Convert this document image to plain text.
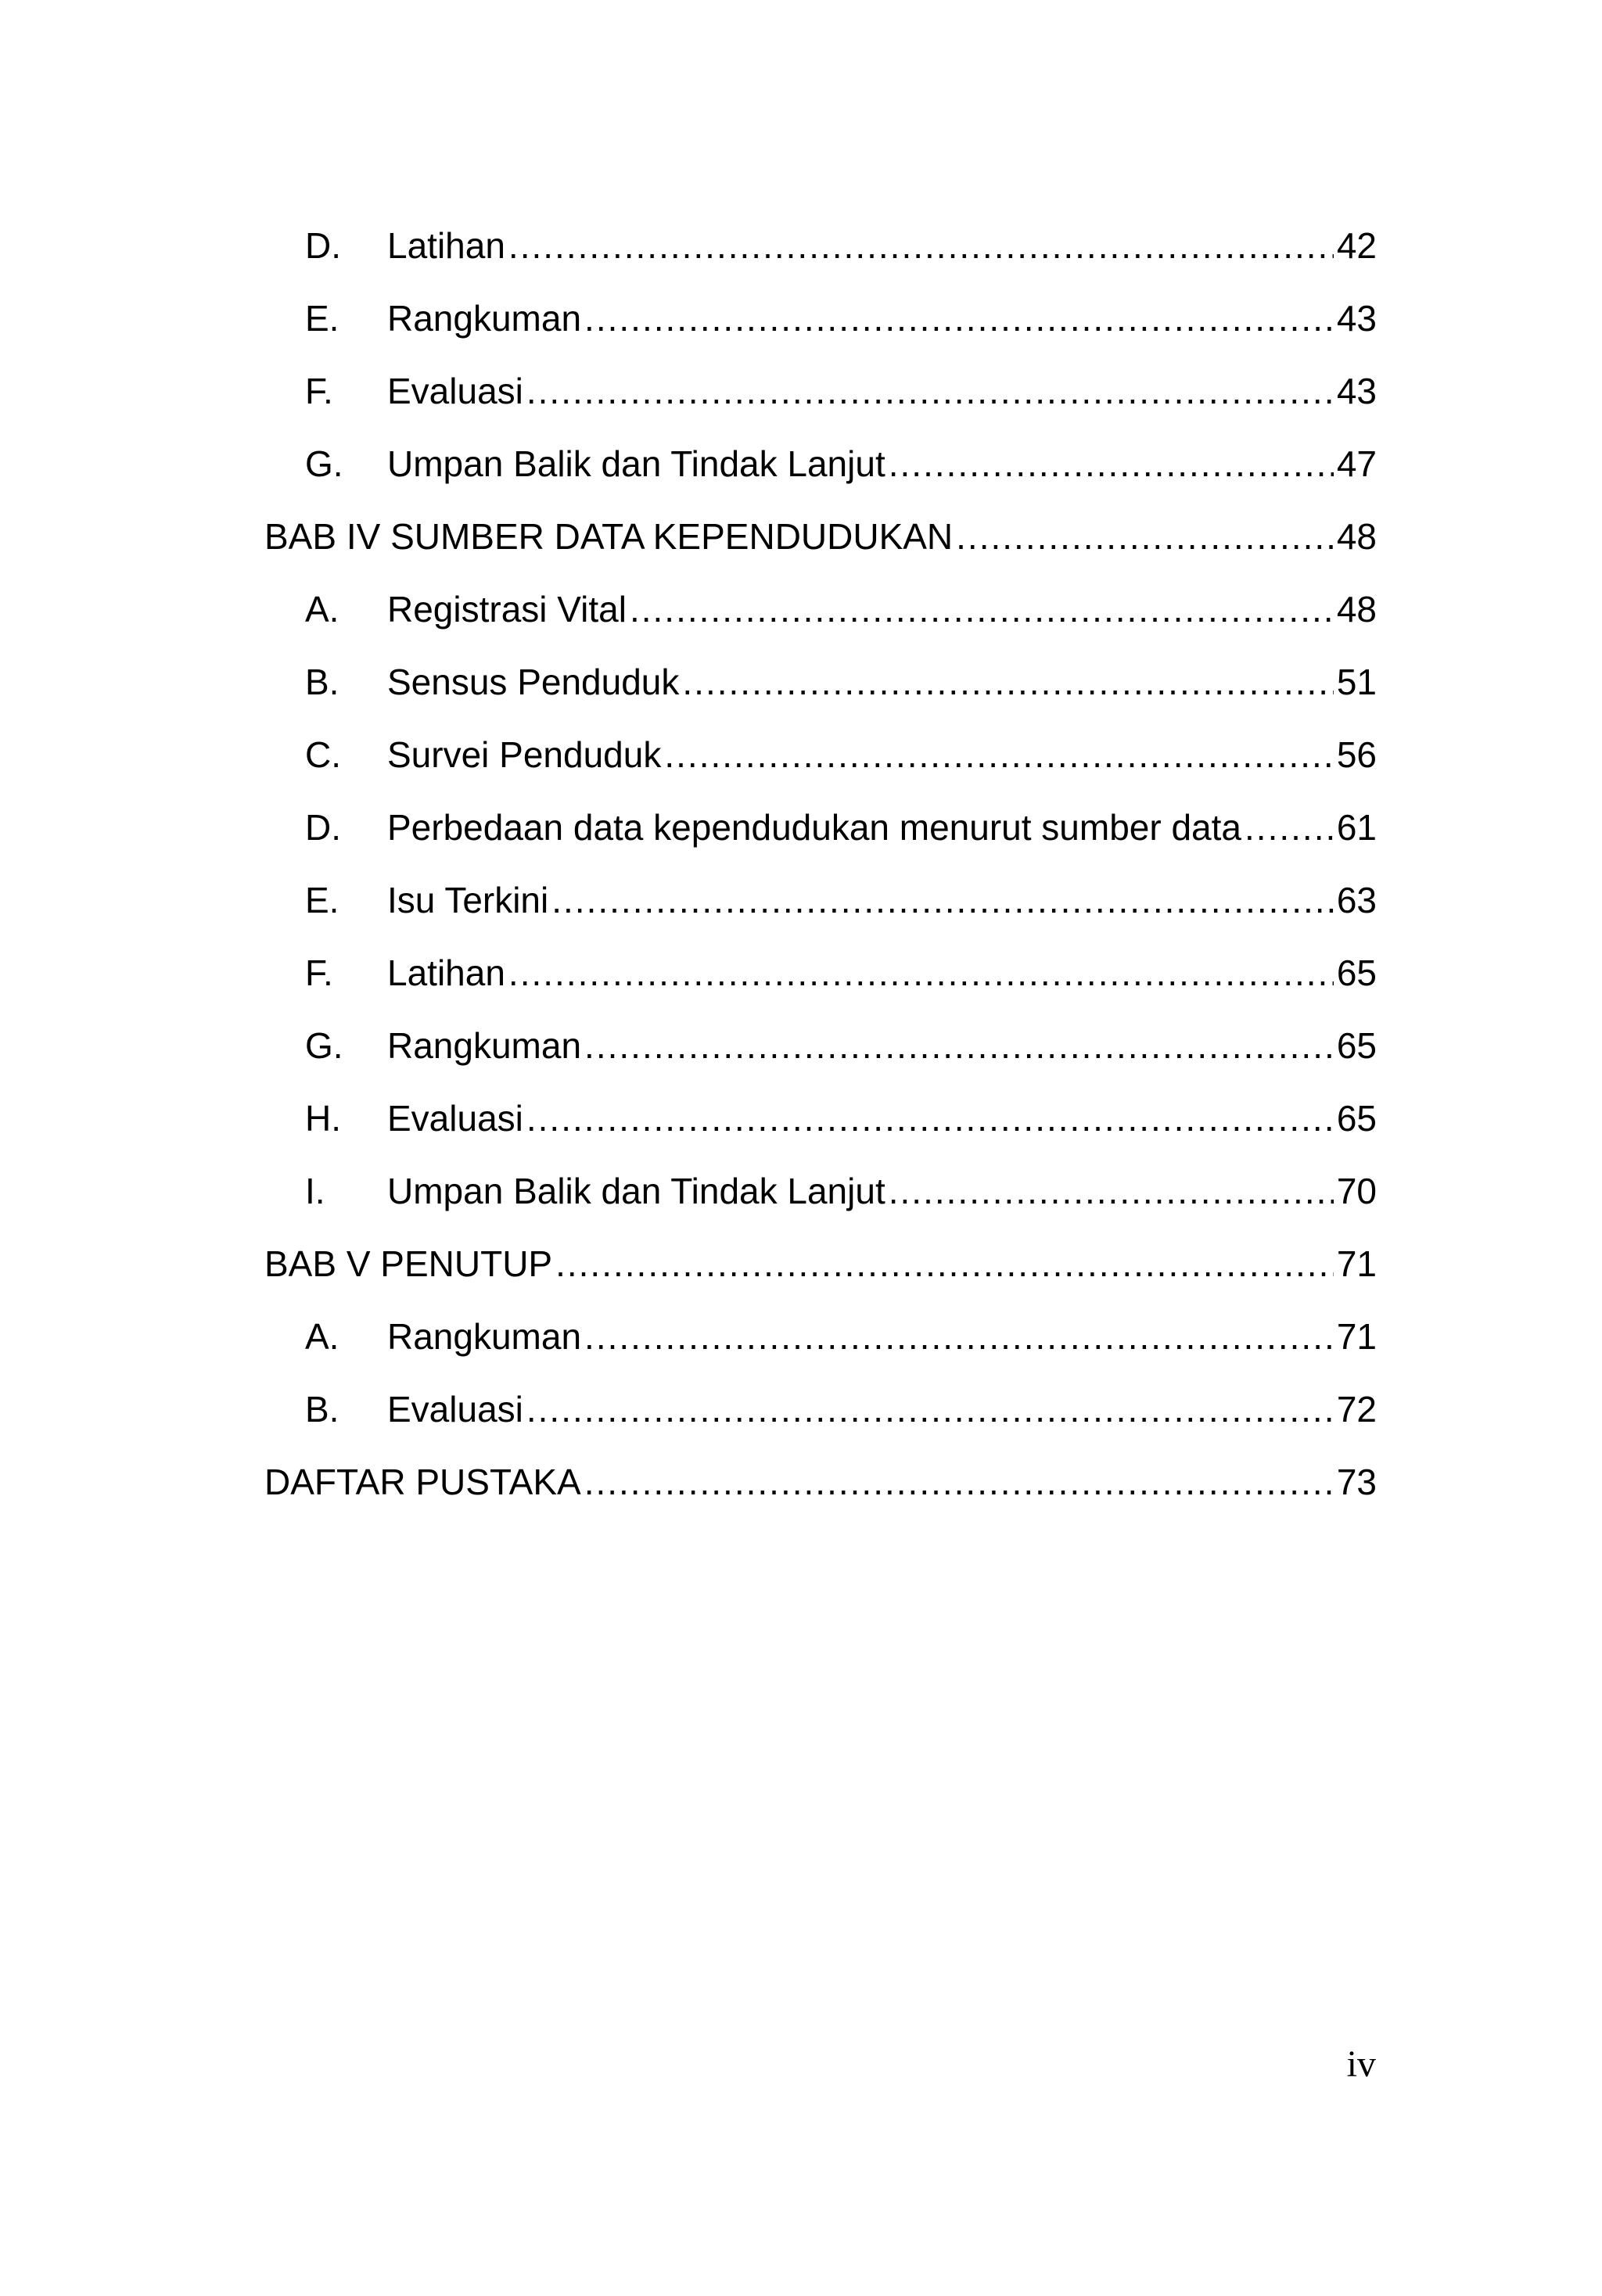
D.	Latihan .....	42
E.	Rangkuman .....	43
F.	Evaluasi .....	43
G.	Umpan Balik dan Tindak Lanjut .....	47
BAB IV SUMBER DATA KEPENDUDUKAN .....	48
A.	Registrasi Vital .....	48
B.	Sensus Penduduk .....	51
C.	Survei Penduduk .....	56
D.	Perbedaan data kependudukan menurut sumber data .....	61
E.	Isu Terkini .....	63
F.	Latihan .....	65
G.	Rangkuman .....	65
H.	Evaluasi .....	65
I.	Umpan Balik dan Tindak Lanjut .....	70
BAB V PENUTUP .....	71
A.	Rangkuman .....	71
B.	Evaluasi .....	72
DAFTAR PUSTAKA .....	73
iv
